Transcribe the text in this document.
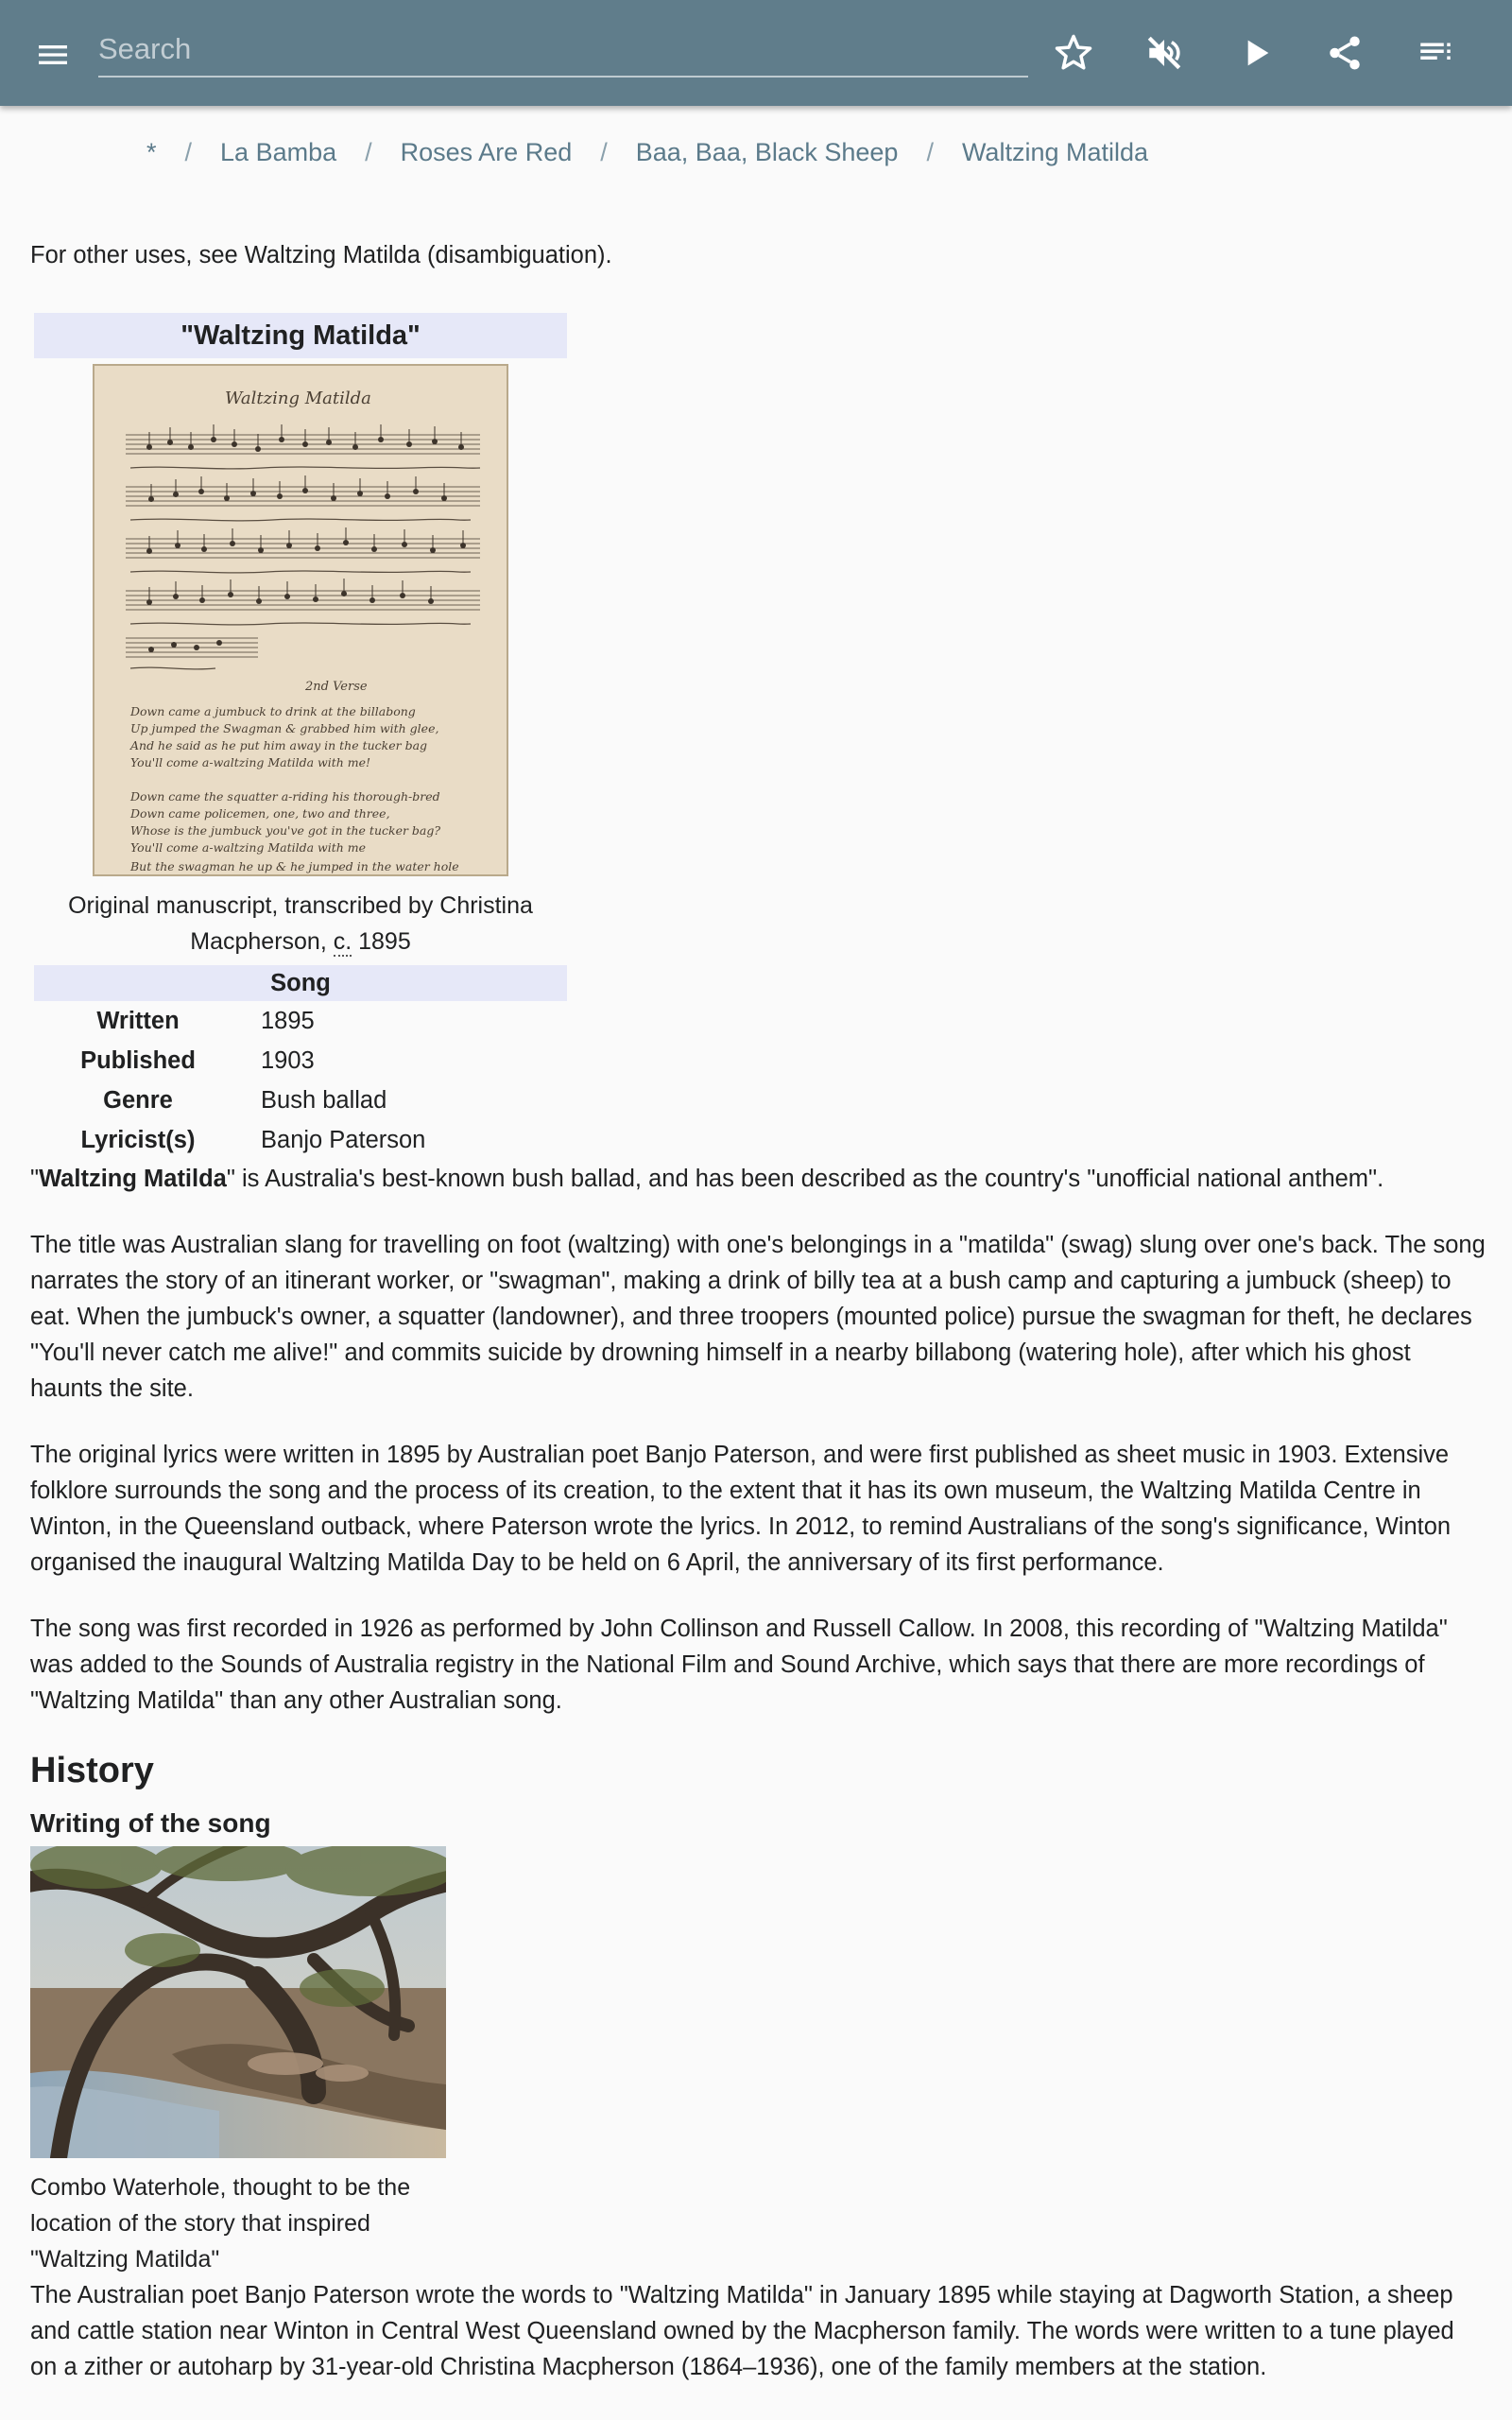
Search
* / La Bamba / Roses Are Red / Baa, Baa, Black Sheep / Waltzing Matilda
For other uses, see Waltzing Matilda (disambiguation).
"Waltzing Matilda"
Waltzing Matilda
2nd Verse
Down came a jumbuck to drink at the billabong
Up jumped the Swagman & grabbed him with glee,
And he said as he put him away in the tucker bag
You'll come a-waltzing Matilda with me!
Down came the squatter a-riding his thorough-bred
Down came policemen, one, two and three,
Whose is the jumbuck you've got in the tucker bag?
You'll come a-waltzing Matilda with me
But the swagman he up & he jumped in the water hole
Original manuscript, transcribed by Christina Macpherson, c. 1895
Song
Written	1895
Published	1903
Genre	Bush ballad
Lyricist(s)	Banjo Paterson

"Waltzing Matilda" is Australia's best-known bush ballad, and has been described as the country's "unofficial national anthem".

The title was Australian slang for travelling on foot (waltzing) with one's belongings in a "matilda" (swag) slung over one's back. The song narrates the story of an itinerant worker, or "swagman", making a drink of billy tea at a bush camp and capturing a jumbuck (sheep) to eat. When the jumbuck's owner, a squatter (landowner), and three troopers (mounted police) pursue the swagman for theft, he declares "You'll never catch me alive!" and commits suicide by drowning himself in a nearby billabong (watering hole), after which his ghost haunts the site.

The original lyrics were written in 1895 by Australian poet Banjo Paterson, and were first published as sheet music in 1903. Extensive folklore surrounds the song and the process of its creation, to the extent that it has its own museum, the Waltzing Matilda Centre in Winton, in the Queensland outback, where Paterson wrote the lyrics. In 2012, to remind Australians of the song's significance, Winton organised the inaugural Waltzing Matilda Day to be held on 6 April, the anniversary of its first performance.

The song was first recorded in 1926 as performed by John Collinson and Russell Callow. In 2008, this recording of "Waltzing Matilda" was added to the Sounds of Australia registry in the National Film and Sound Archive, which says that there are more recordings of "Waltzing Matilda" than any other Australian song.

History
Writing of the song
Combo Waterhole, thought to be the location of the story that inspired "Waltzing Matilda"

The Australian poet Banjo Paterson wrote the words to "Waltzing Matilda" in January 1895 while staying at Dagworth Station, a sheep and cattle station near Winton in Central West Queensland owned by the Macpherson family. The words were written to a tune played on a zither or autoharp by 31-year-old Christina Macpherson (1864–1936), one of the family members at the station.
